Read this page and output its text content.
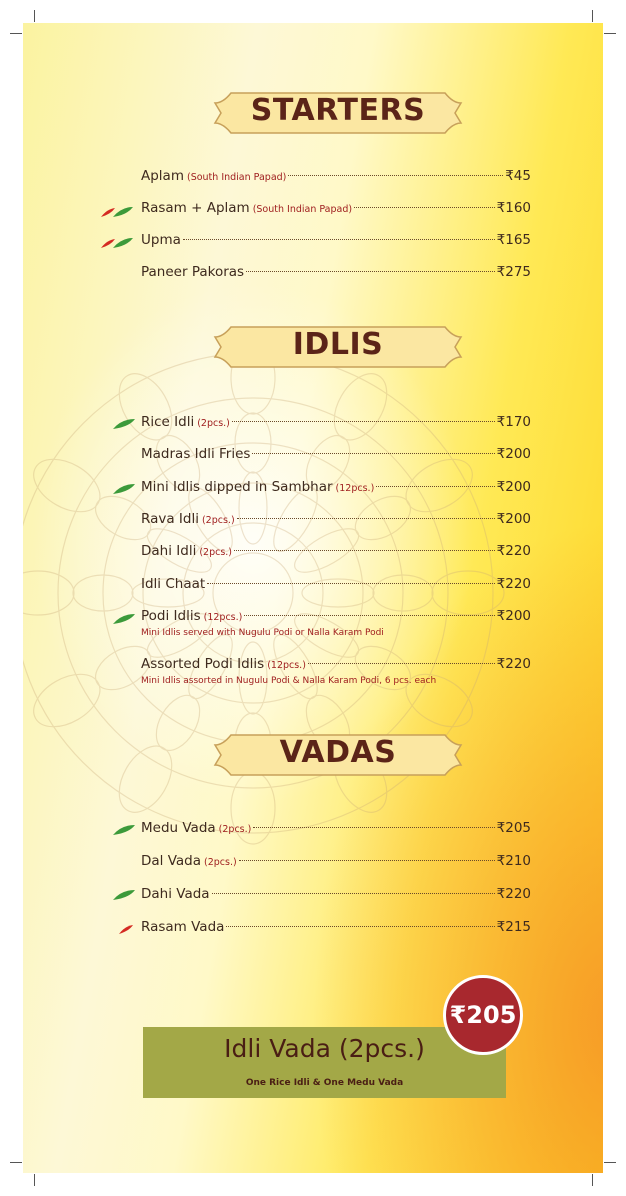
STARTERS
Aplam (South Indian Papad)	₹45
Rasam + Aplam (South Indian Papad)	₹160
Upma	₹165
Paneer Pakoras	₹275
IDLIS
Rice Idli (2pcs.)	₹170
Madras Idli Fries	₹200
Mini Idlis dipped in Sambhar (12pcs.)	₹200
Rava Idli (2pcs.)	₹200
Dahi Idli (2pcs.)	₹220
Idli Chaat	₹220
Podi Idlis (12pcs.)	₹200
Mini Idlis served with Nugulu Podi or Nalla Karam Podi
Assorted Podi Idlis (12pcs.)	₹220
Mini Idlis assorted in Nugulu Podi & Nalla Karam Podi, 6 pcs. each
VADAS
Medu Vada (2pcs.)	₹205
Dal Vada (2pcs.)	₹210
Dahi Vada	₹220
Rasam Vada	₹215
Idli Vada (2pcs.)
One Rice Idli & One Medu Vada
₹205
